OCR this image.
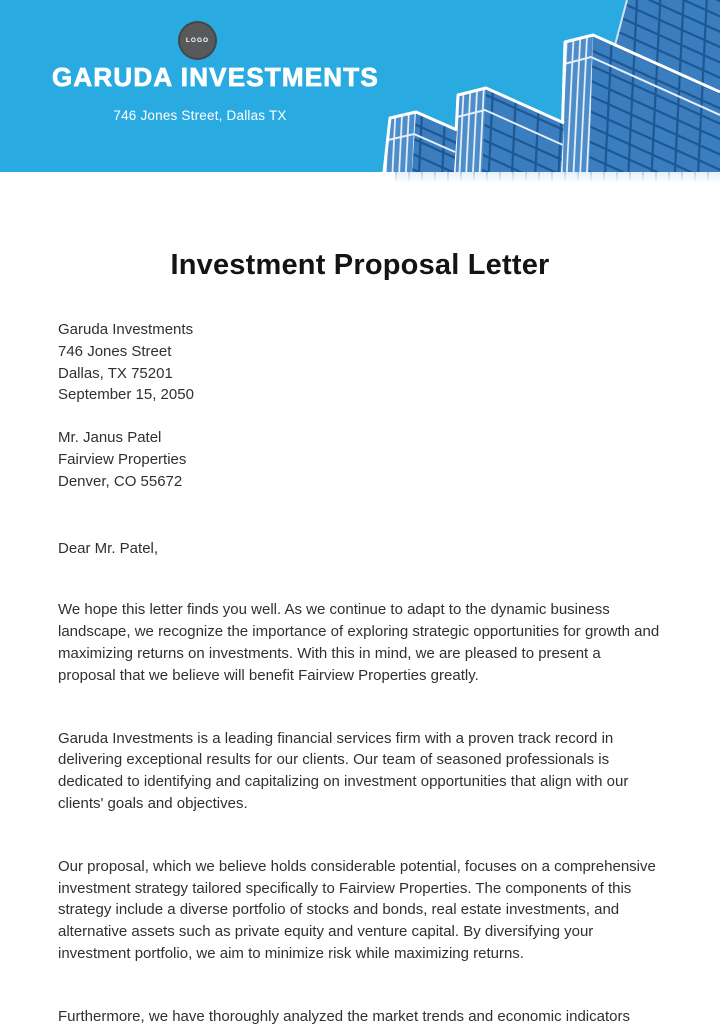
LOGO
GARUDA INVESTMENTS
746 Jones Street, Dallas TX
Investment Proposal Letter
Garuda Investments
746 Jones Street
Dallas, TX 75201
September 15, 2050
Mr. Janus Patel
Fairview Properties
Denver, CO 55672

Dear Mr. Patel,

We hope this letter finds you well. As we continue to adapt to the dynamic business landscape, we recognize the importance of exploring strategic opportunities for growth and maximizing returns on investments. With this in mind, we are pleased to present a proposal that we believe will benefit Fairview Properties greatly.

Garuda Investments is a leading financial services firm with a proven track record in delivering exceptional results for our clients. Our team of seasoned professionals is dedicated to identifying and capitalizing on investment opportunities that align with our clients' goals and objectives.

Our proposal, which we believe holds considerable potential, focuses on a comprehensive investment strategy tailored specifically to Fairview Properties. The components of this strategy include a diverse portfolio of stocks and bonds, real estate investments, and alternative assets such as private equity and venture capital. By diversifying your investment portfolio, we aim to minimize risk while maximizing returns.

Furthermore, we have thoroughly analyzed the market trends and economic indicators
